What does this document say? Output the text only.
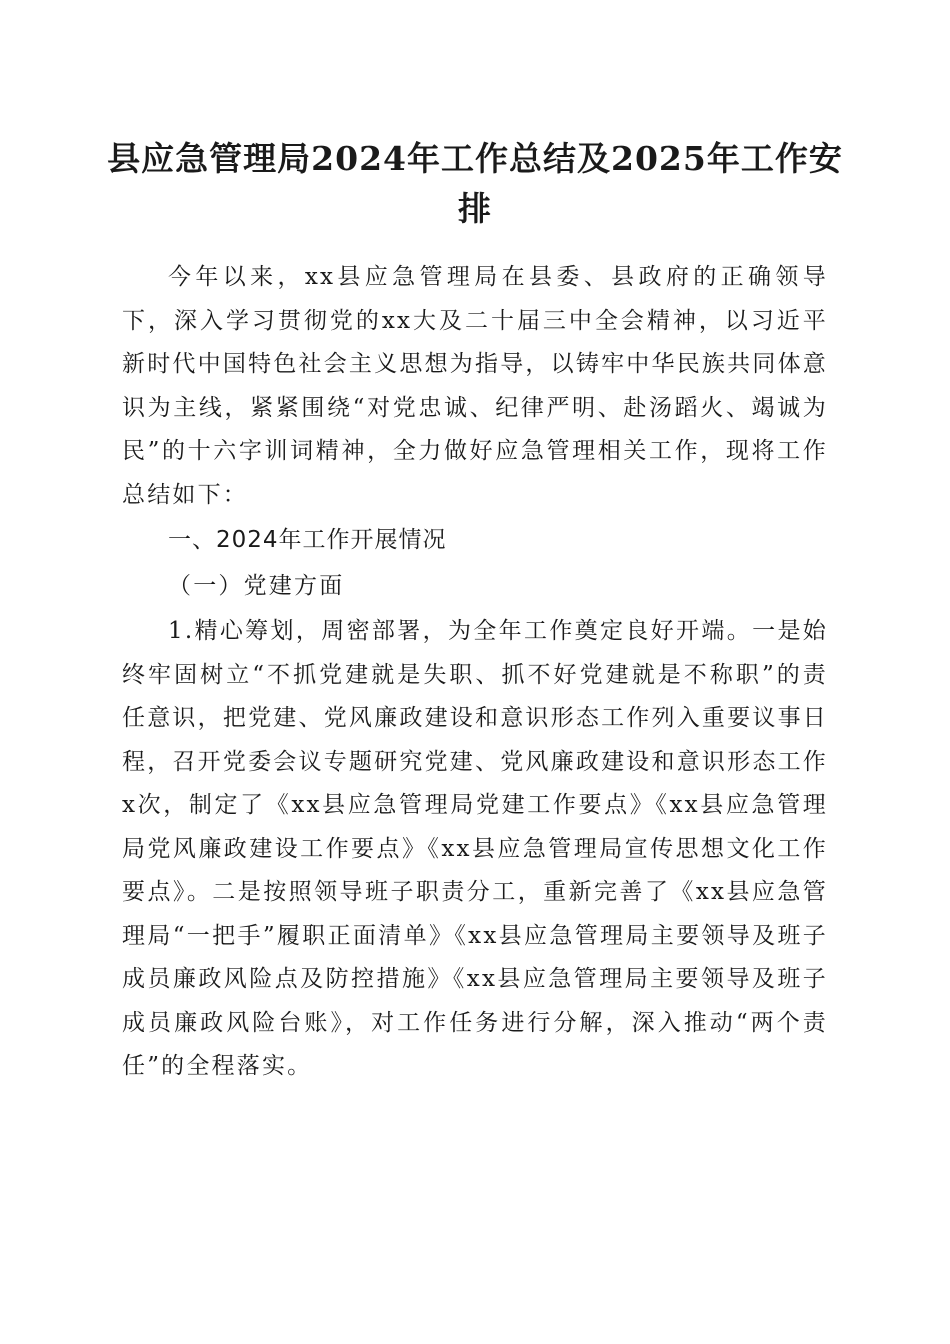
县应急管理局2024年工作总结及2025年工作安排

今年以来，xx县应急管理局在县委、县政府的正确领导下，深入学习贯彻党的xx大及二十届三中全会精神，以习近平新时代中国特色社会主义思想为指导，以铸牢中华民族共同体意识为主线，紧紧围绕“对党忠诚、纪律严明、赴汤蹈火、竭诚为民”的十六字训词精神，全力做好应急管理相关工作，现将工作总结如下：

一、2024年工作开展情况

（一）党建方面

1.精心筹划，周密部署，为全年工作奠定良好开端。一是始终牢固树立“不抓党建就是失职、抓不好党建就是不称职”的责任意识，把党建、党风廉政建设和意识形态工作列入重要议事日程，召开党委会议专题研究党建、党风廉政建设和意识形态工作x次，制定了《xx县应急管理局党建工作要点》《xx县应急管理局党风廉政建设工作要点》《xx县应急管理局宣传思想文化工作要点》。二是按照领导班子职责分工，重新完善了《xx县应急管理局“一把手”履职正面清单》《xx县应急管理局主要领导及班子成员廉政风险点及防控措施》《xx县应急管理局主要领导及班子成员廉政风险台账》，对工作任务进行分解，深入推动“两个责任”的全程落实。
